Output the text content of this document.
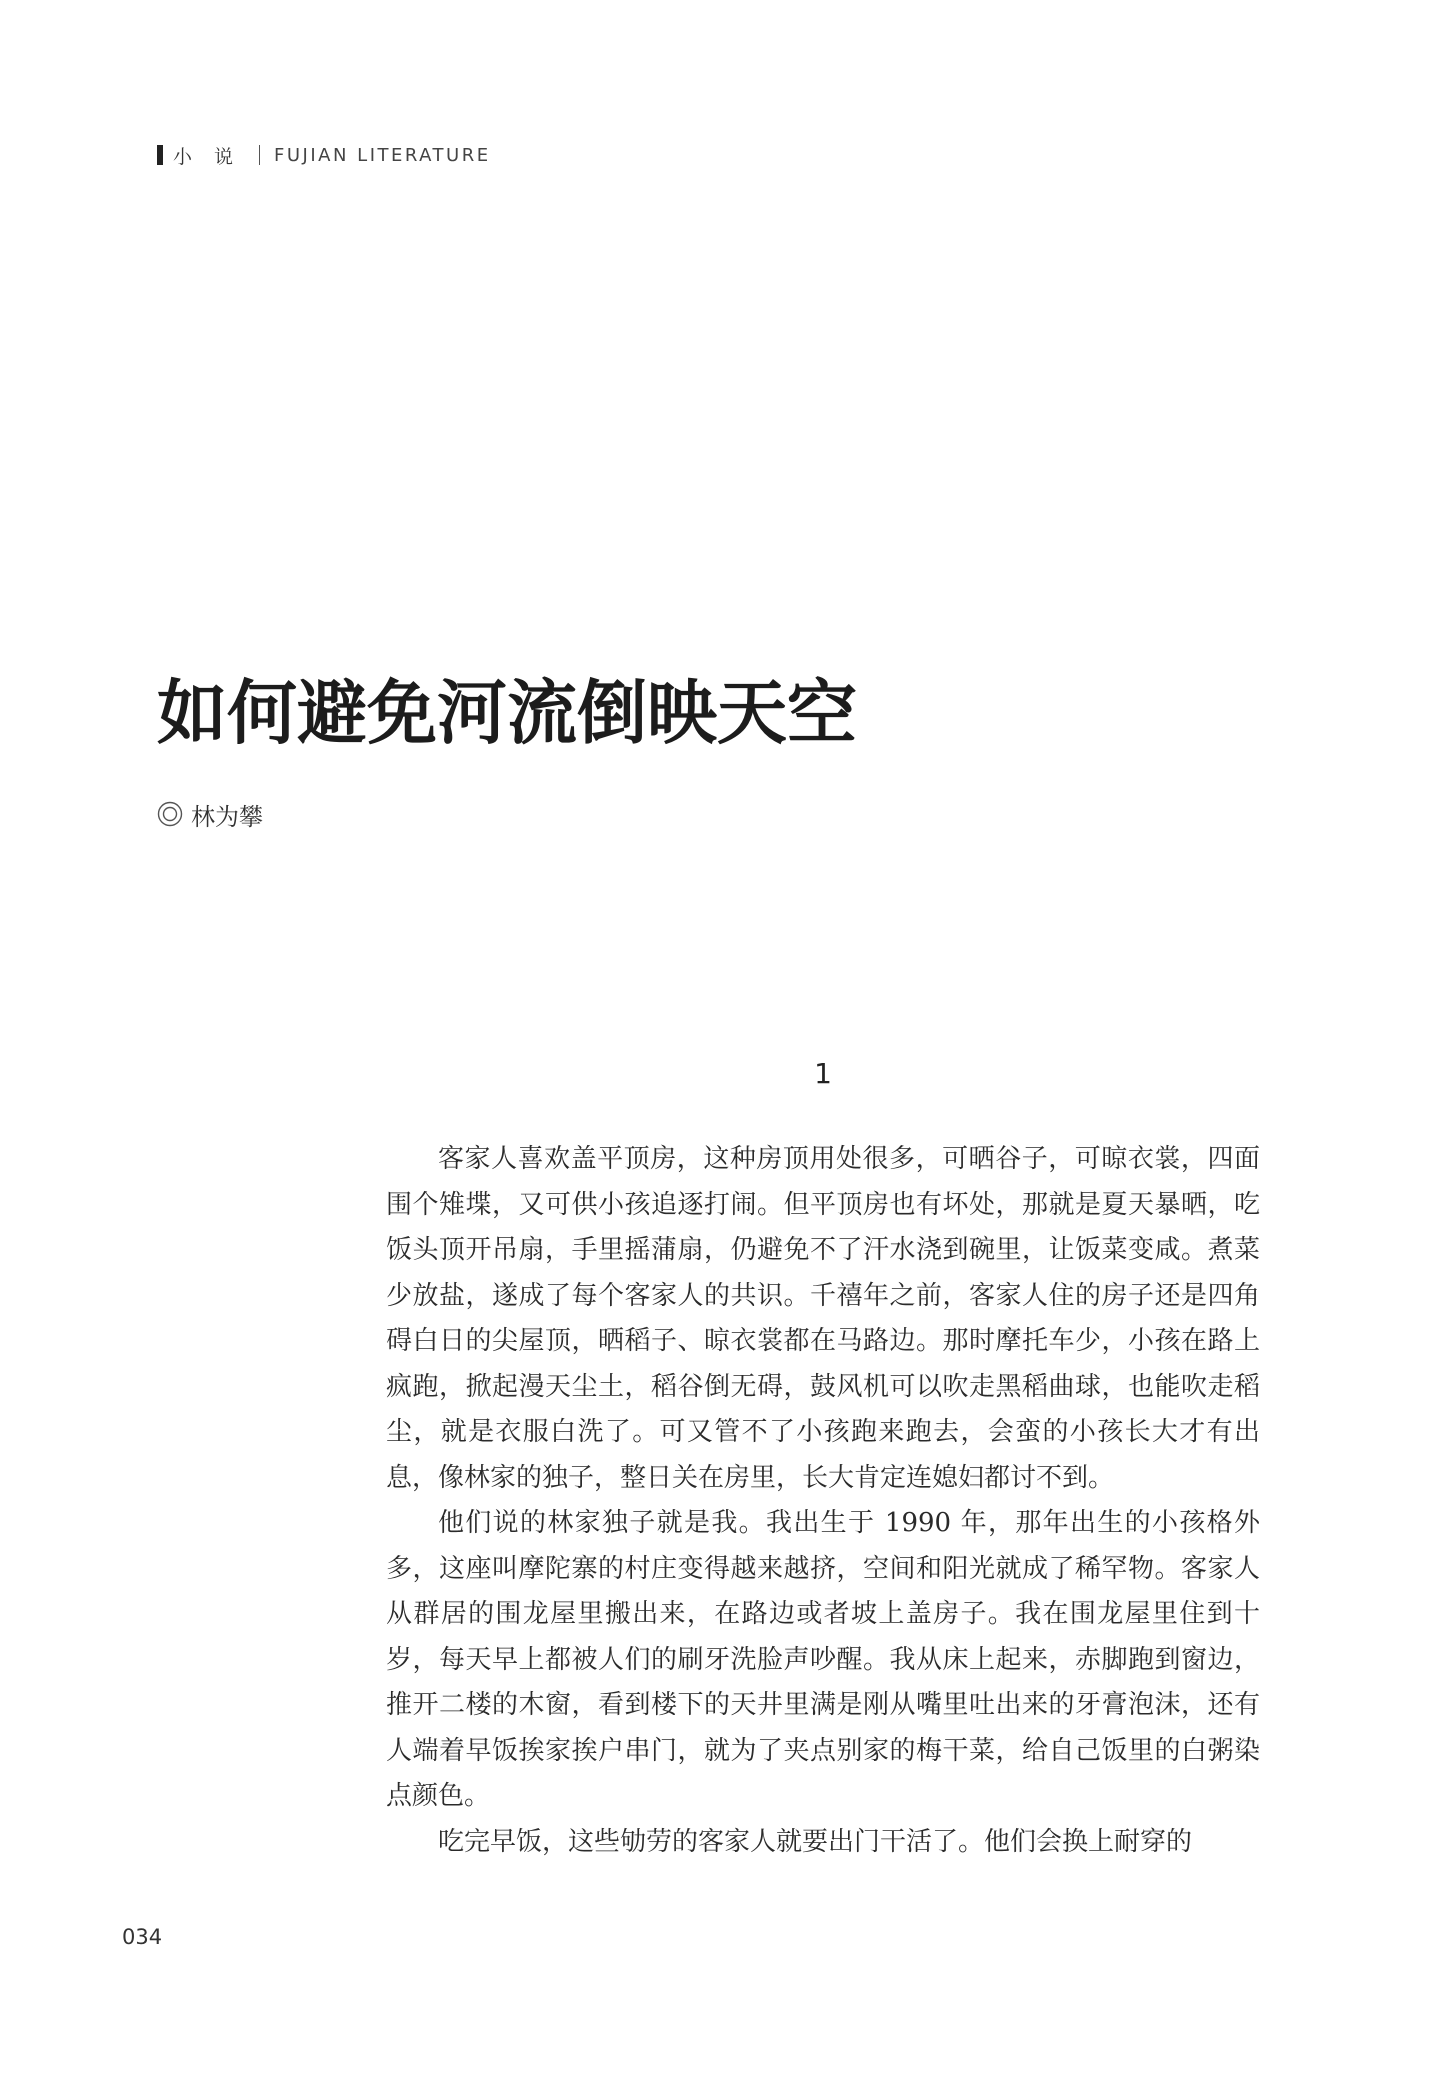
小说 FUJIAN LITERATURE
如何避免河流倒映天空
林为攀
1

客家人喜欢盖平顶房，这种房顶用处很多，可晒谷子，可晾衣裳，四面围个雉堞，又可供小孩追逐打闹。但平顶房也有坏处，那就是夏天暴晒，吃饭头顶开吊扇，手里摇蒲扇，仍避免不了汗水浇到碗里，让饭菜变咸。煮菜少放盐，遂成了每个客家人的共识。千禧年之前，客家人住的房子还是四角碍白日的尖屋顶，晒稻子、晾衣裳都在马路边。那时摩托车少，小孩在路上疯跑，掀起漫天尘土，稻谷倒无碍，鼓风机可以吹走黑稻曲球，也能吹走稻尘，就是衣服白洗了。可又管不了小孩跑来跑去，会蛮的小孩长大才有出息，像林家的独子，整日关在房里，长大肯定连媳妇都讨不到。

他们说的林家独子就是我。我出生于 1990 年，那年出生的小孩格外多，这座叫摩陀寨的村庄变得越来越挤，空间和阳光就成了稀罕物。客家人从群居的围龙屋里搬出来，在路边或者坡上盖房子。我在围龙屋里住到十岁，每天早上都被人们的刷牙洗脸声吵醒。我从床上起来，赤脚跑到窗边，推开二楼的木窗，看到楼下的天井里满是刚从嘴里吐出来的牙膏泡沫，还有人端着早饭挨家挨户串门，就为了夹点别家的梅干菜，给自己饭里的白粥染点颜色。

吃完早饭，这些劬劳的客家人就要出门干活了。他们会换上耐穿的

034
